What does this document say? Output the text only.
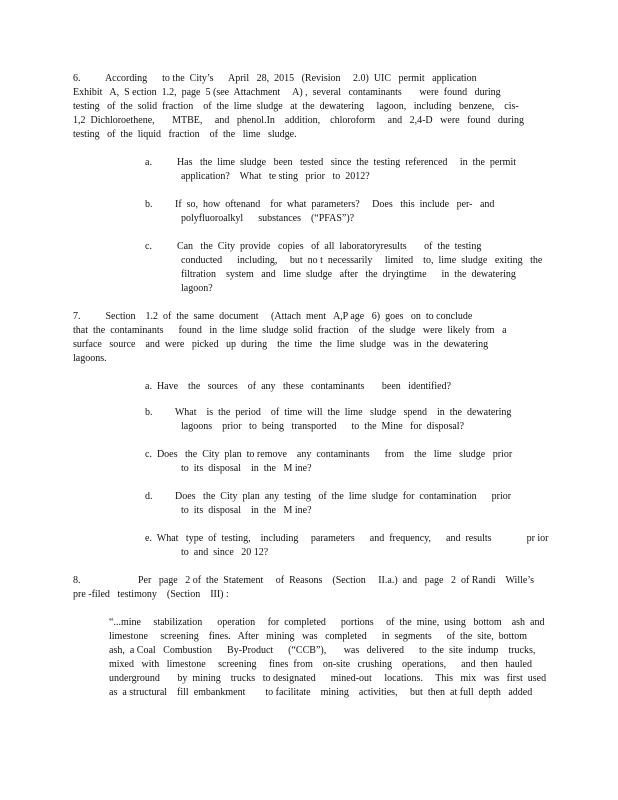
6.          According      to the  City’s      April   28,  2015   (Revision     2.0)  UIC   permit   application
Exhibit   A,  S ection  1.2,  page  5 (see  Attachment     A) ,  several   contaminants       were  found   during
testing   of  the  solid  fraction    of  the  lime  sludge   at  the  dewatering     lagoon,   including   benzene,    cis-
1,2  Dichloroethene,       MTBE,     and   phenol.In    addition,    chloroform     and   2,4-D   were   found   during
testing   of  the  liquid   fraction    of  the   lime   sludge.
a.          Has   the  lime  sludge   been   tested   since  the  testing  referenced     in  the  permit
application?    What   te sting   prior   to  2012?
b.         If  so,  how  oftenand    for  what  parameters?     Does   this  include   per-   and
polyfluoroalkyl      substances    (“PFAS”)?
c.          Can   the  City  provide   copies   of  all  laboratoryresults       of  the  testing
conducted      including,     but  no t  necessarily     limited    to,  lime  sludge   exiting   the
filtration    system   and   lime  sludge   after   the  dryingtime      in  the  dewatering
lagoon?
7.          Section    1.2  of  the  same  document     (Attach  ment   A,P age   6)  goes   on  to conclude
that  the  contaminants      found   in  the  lime  sludge  solid  fraction    of  the  sludge   were  likely  from   a
surface   source    and  were   picked   up  during    the  time   the  lime  sludge   was  in  the  dewatering
lagoons.
a.  Have    the   sources    of  any   these   contaminants       been   identified?
b.         What    is  the  period    of  time  will  the  lime   sludge   spend    in  the  dewatering
lagoons    prior   to  being   transported      to  the  Mine   for  disposal?
c.  Does   the  City  plan  to remove    any  contaminants      from    the   lime   sludge   prior
to  its  disposal    in  the   M ine?
d.         Does   the  City  plan  any  testing   of  the  lime  sludge  for  contamination      prior
to  its  disposal    in  the   M ine?
e.  What   type  of  testing,    including     parameters      and  frequency,      and  results              pr ior
to  and  since   20 12?
8.                       Per   page   2 of  the  Statement     of  Reasons    (Section     II.a.)  and   page   2  of Randi    Wille’s
pre -filed   testimony    (Section    III) :
“...mine     stabilization      operation     for  completed      portions     of  the  mine,  using   bottom    ash  and
limestone     screening    fines.   After   mining   was   completed      in  segments      of  the  site,  bottom
ash,  a Coal   Combustion      By-Product      (“CCB”),       was   delivered      to  the  site  indump    trucks,
mixed   with   limestone     screening     fines  from    on-site   crushing    operations,      and  then   hauled
underground       by  mining    trucks   to designated      mined-out     locations.     This   mix   was   first  used
as  a structural    fill  embankment        to facilitate    mining    activities,     but  then  at full  depth   added
